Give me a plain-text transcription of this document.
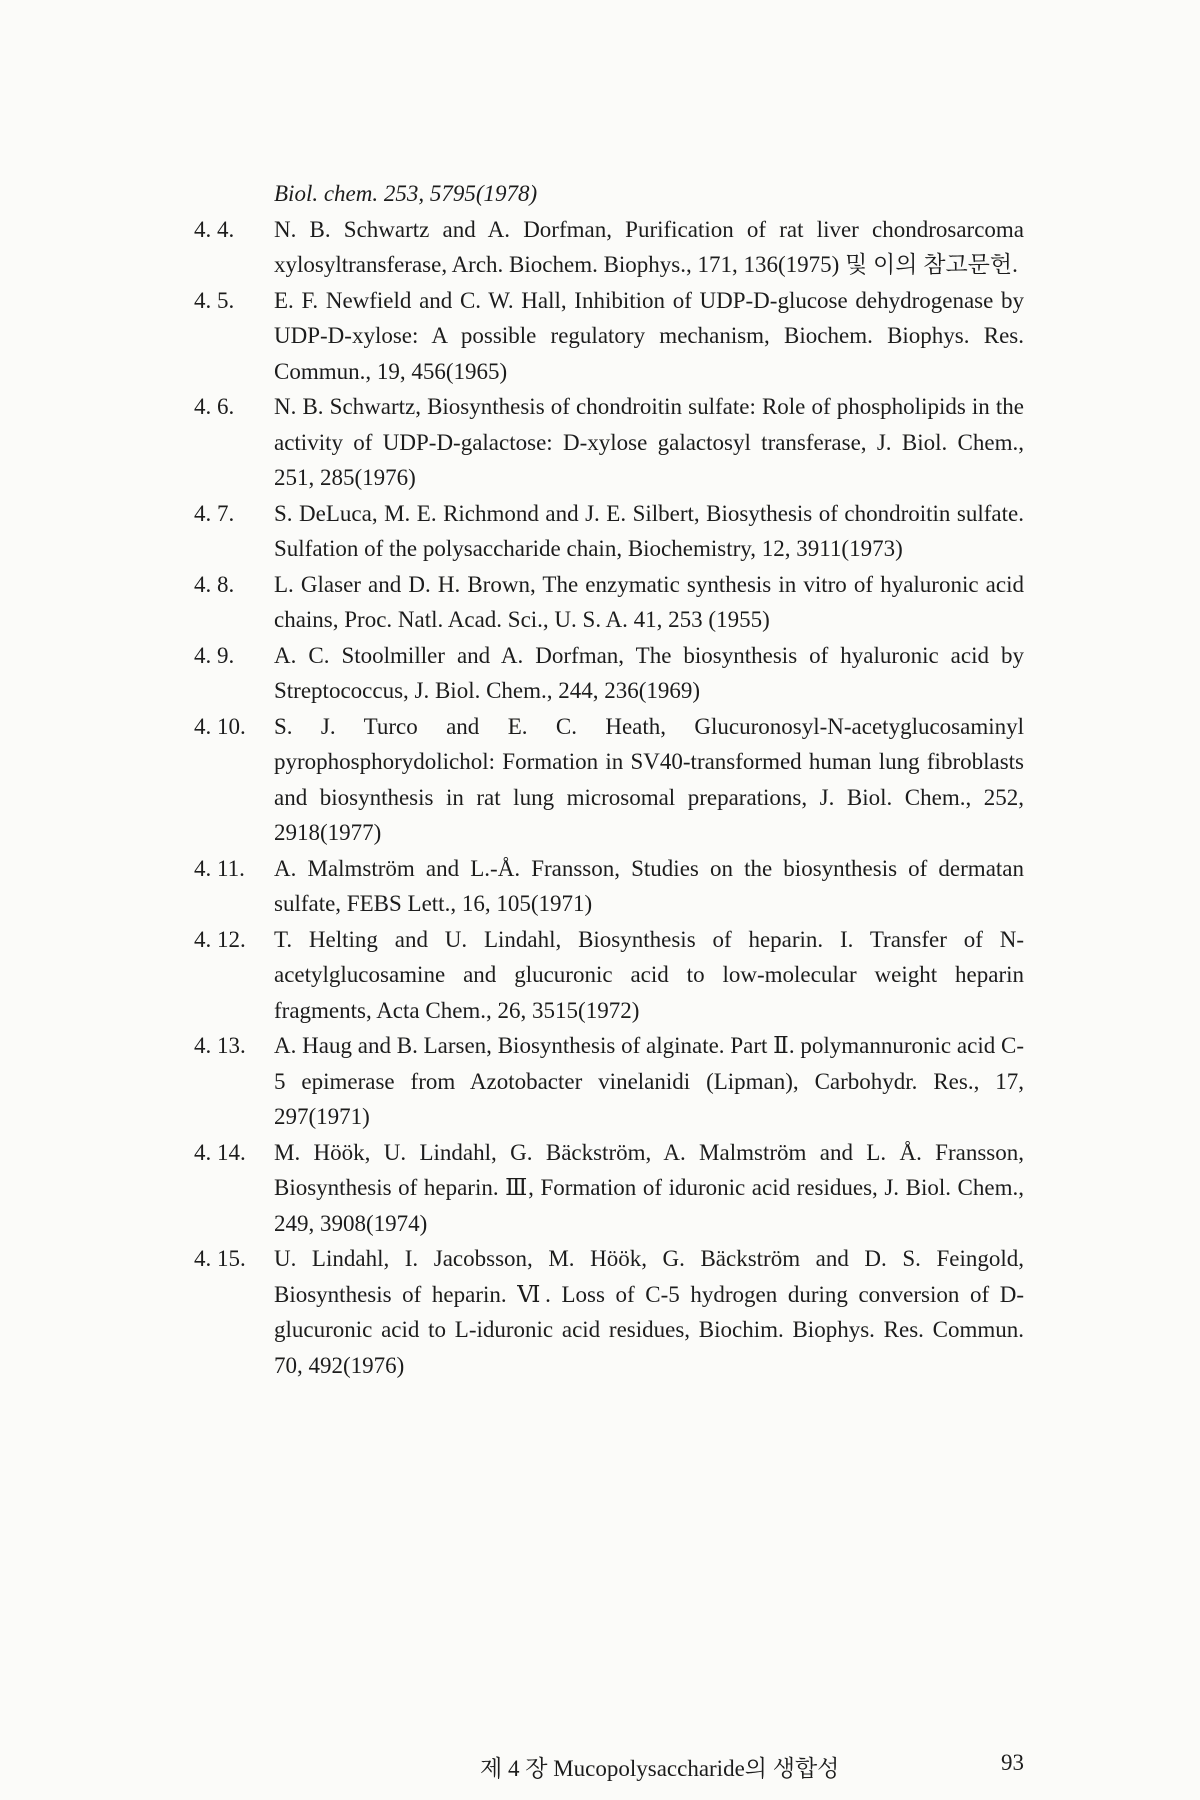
Biol. chem. 253, 5795(1978)
4. 4.	N. B. Schwartz and A. Dorfman, Purification of rat liver chondrosarcoma xylosyltransferase, Arch. Biochem. Biophys., 171, 136(1975) 및 이의 참고문헌.
4. 5.	E. F. Newfield and C. W. Hall, Inhibition of UDP-D-glucose dehydrogenase by UDP-D-xylose: A possible regulatory mechanism, Biochem. Biophys. Res. Commun., 19, 456(1965)
4. 6.	N. B. Schwartz, Biosynthesis of chondroitin sulfate: Role of phospholipids in the activity of UDP-D-galactose: D-xylose galactosyl transferase, J. Biol. Chem., 251, 285(1976)
4. 7.	S. DeLuca, M. E. Richmond and J. E. Silbert, Biosythesis of chondroitin sulfate. Sulfation of the polysaccharide chain, Biochemistry, 12, 3911(1973)
4. 8.	L. Glaser and D. H. Brown, The enzymatic synthesis in vitro of hyaluronic acid chains, Proc. Natl. Acad. Sci., U. S. A. 41, 253 (1955)
4. 9.	A. C. Stoolmiller and A. Dorfman, The biosynthesis of hyaluronic acid by Streptococcus, J. Biol. Chem., 244, 236(1969)
4. 10.	S. J. Turco and E. C. Heath, Glucuronosyl-N-acetyglucosaminyl pyrophosphorydolichol: Formation in SV40-transformed human lung fibroblasts and biosynthesis in rat lung microsomal preparations, J. Biol. Chem., 252, 2918(1977)
4. 11.	A. Malmström and L.-Å. Fransson, Studies on the biosynthesis of dermatan sulfate, FEBS Lett., 16, 105(1971)
4. 12.	T. Helting and U. Lindahl, Biosynthesis of heparin. I. Transfer of N-acetylglucosamine and glucuronic acid to low-molecular weight heparin fragments, Acta Chem., 26, 3515(1972)
4. 13.	A. Haug and B. Larsen, Biosynthesis of alginate. Part Ⅱ. polymannuronic acid C-5 epimerase from Azotobacter vinelanidi (Lipman), Carbohydr. Res., 17, 297(1971)
4. 14.	M. Höök, U. Lindahl, G. Bäckström, A. Malmström and L. Å. Fransson, Biosynthesis of heparin. Ⅲ, Formation of iduronic acid residues, J. Biol. Chem., 249, 3908(1974)
4. 15.	U. Lindahl, I. Jacobsson, M. Höök, G. Bäckström and D. S. Feingold, Biosynthesis of heparin. Ⅵ. Loss of C-5 hydrogen during conversion of D-glucuronic acid to L-iduronic acid residues, Biochim. Biophys. Res. Commun. 70, 492(1976)
제 4 장 Mucopolysaccharide의 생합성	93
